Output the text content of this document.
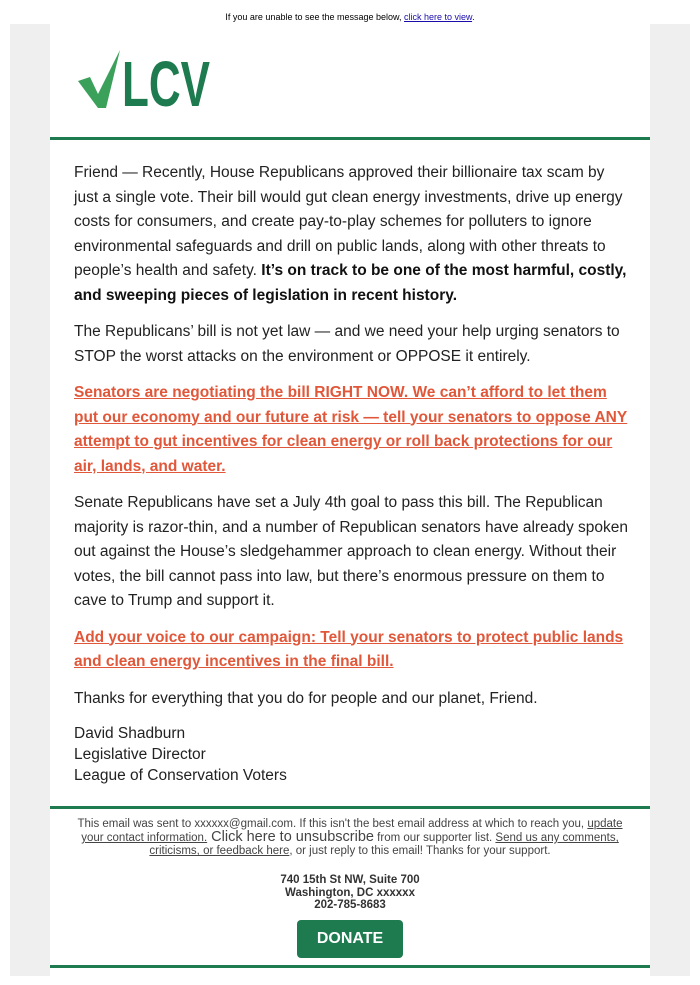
If you are unable to see the message below, click here to view.
LCV

Friend — Recently, House Republicans approved their billionaire tax scam by just a single vote. Their bill would gut clean energy investments, drive up energy costs for consumers, and create pay-to-play schemes for polluters to ignore environmental safeguards and drill on public lands, along with other threats to people’s health and safety. It’s on track to be one of the most harmful, costly, and sweeping pieces of legislation in recent history.

The Republicans’ bill is not yet law — and we need your help urging senators to STOP the worst attacks on the environment or OPPOSE it entirely.

Senators are negotiating the bill RIGHT NOW. We can’t afford to let them put our economy and our future at risk — tell your senators to oppose ANY attempt to gut incentives for clean energy or roll back protections for our air, lands, and water.

Senate Republicans have set a July 4th goal to pass this bill. The Republican majority is razor-thin, and a number of Republican senators have already spoken out against the House’s sledgehammer approach to clean energy. Without their votes, the bill cannot pass into law, but there’s enormous pressure on them to cave to Trump and support it.

Add your voice to our campaign: Tell your senators to protect public lands and clean energy incentives in the final bill.

Thanks for everything that you do for people and our planet, Friend.

David Shadburn
Legislative Director
League of Conservation Voters
This email was sent to xxxxxx@gmail.com. If this isn't the best email address at which to reach you, update your contact information. Click here to unsubscribe from our supporter list. Send us any comments, criticisms, or feedback here, or just reply to this email! Thanks for your support.
740 15th St NW, Suite 700
Washington, DC xxxxxx
202-785-8683
DONATE
